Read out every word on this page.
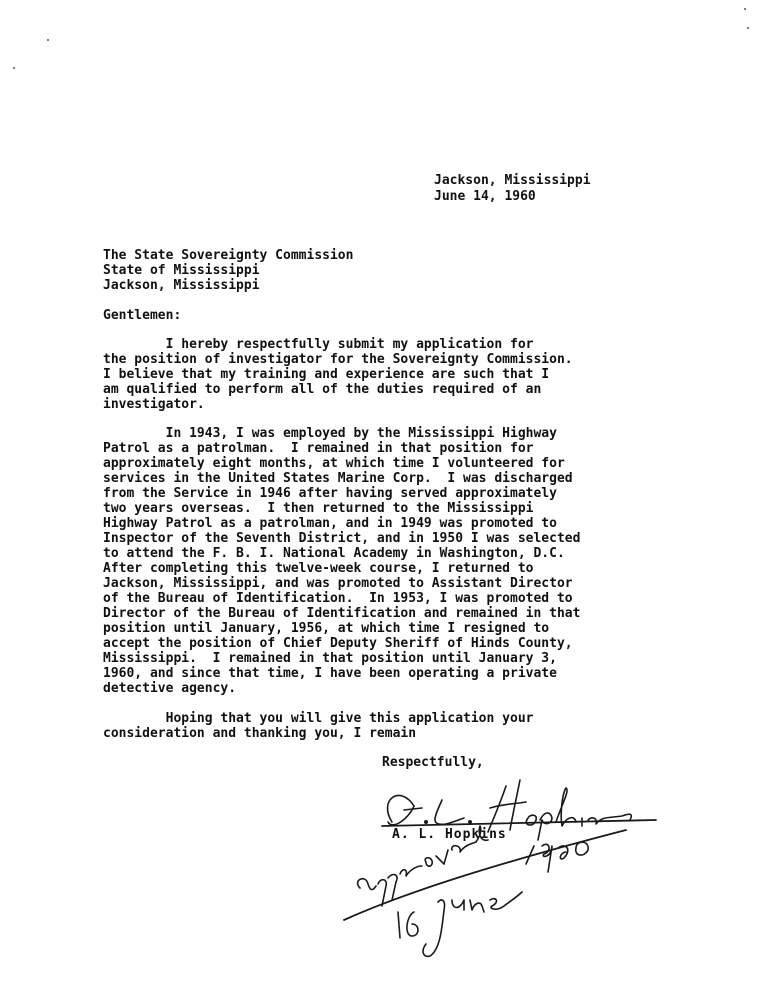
Jackson, Mississippi
June 14, 1960
The State Sovereignty Commission
State of Mississippi
Jackson, Mississippi
Gentlemen:
I hereby respectfully submit my application for
the position of investigator for the Sovereignty Commission.
I believe that my training and experience are such that I
am qualified to perform all of the duties required of an
investigator.
In 1943, I was employed by the Mississippi Highway
Patrol as a patrolman.  I remained in that position for
approximately eight months, at which time I volunteered for
services in the United States Marine Corp.  I was discharged
from the Service in 1946 after having served approximately
two years overseas.  I then returned to the Mississippi
Highway Patrol as a patrolman, and in 1949 was promoted to
Inspector of the Seventh District, and in 1950 I was selected
to attend the F. B. I. National Academy in Washington, D.C.
After completing this twelve-week course, I returned to
Jackson, Mississippi, and was promoted to Assistant Director
of the Bureau of Identification.  In 1953, I was promoted to
Director of the Bureau of Identification and remained in that
position until January, 1956, at which time I resigned to
accept the position of Chief Deputy Sheriff of Hinds County,
Mississippi.  I remained in that position until January 3,
1960, and since that time, I have been operating a private
detective agency.
Hoping that you will give this application your
consideration and thanking you, I remain
Respectfully,
A. L. Hopkins
